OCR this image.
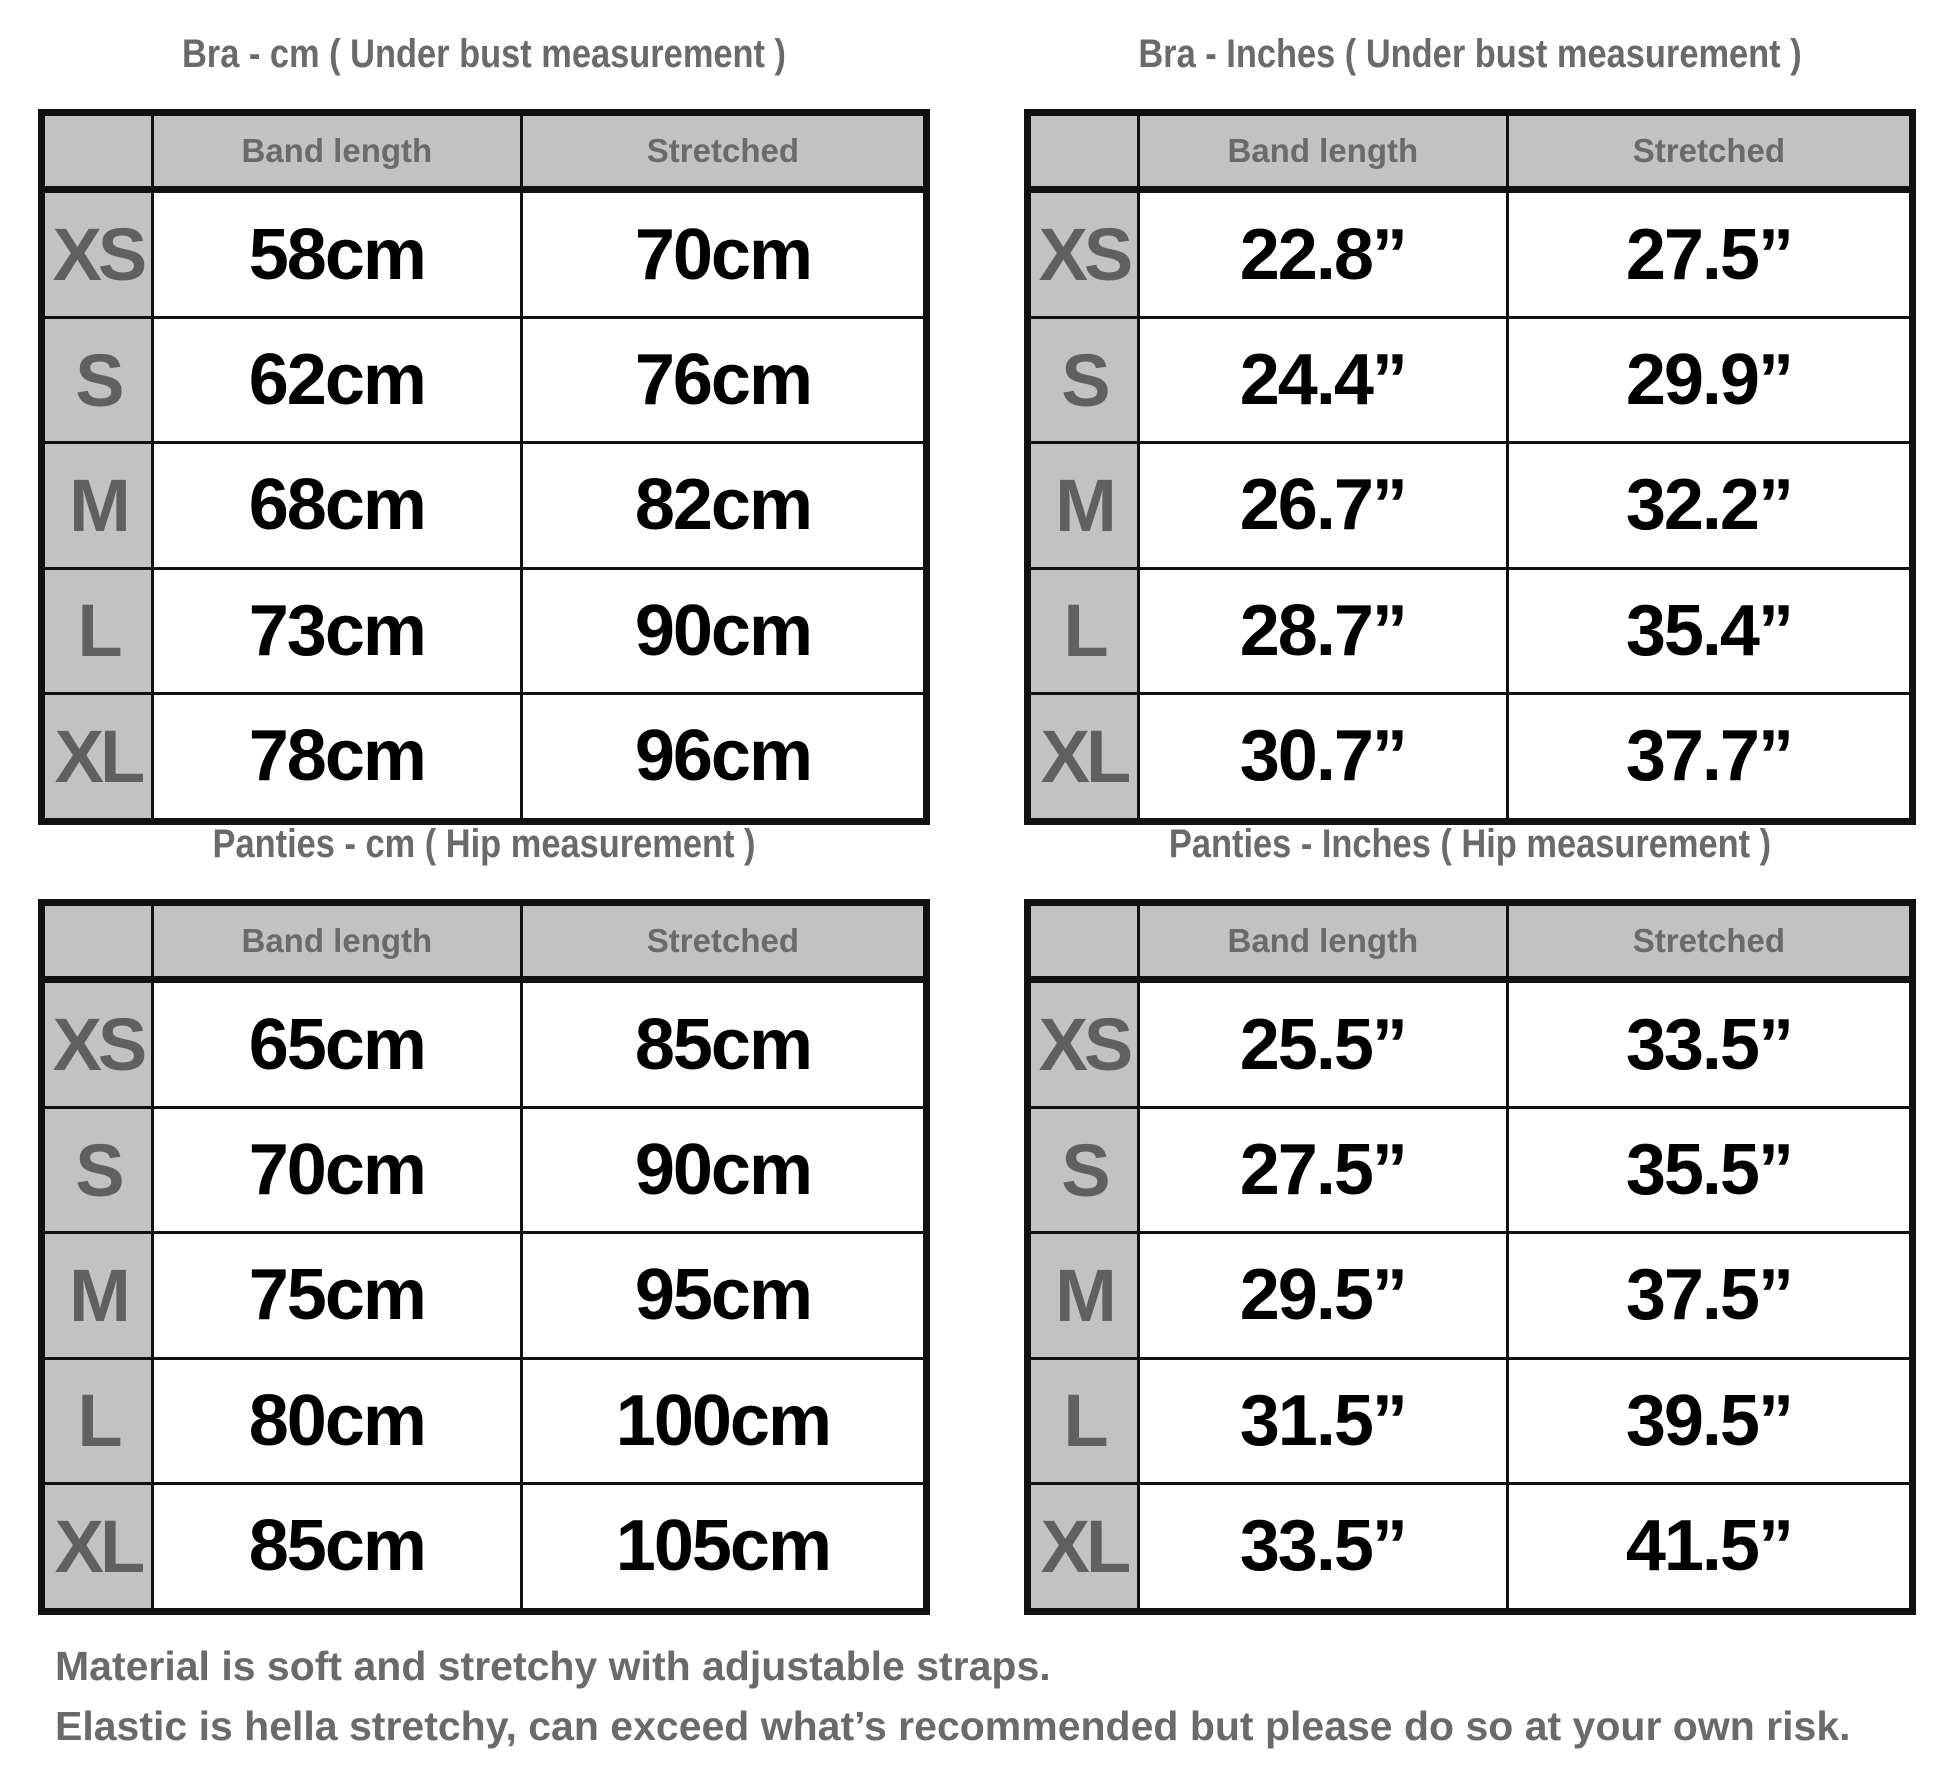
Bra - cm ( Under bust measurement )
	Band length	Stretched
XS	58cm	70cm
S	62cm	76cm
M	68cm	82cm
L	73cm	90cm
XL	78cm	96cm
Bra - Inches ( Under bust measurement )
	Band length	Stretched
XS	22.8”	27.5”
S	24.4”	29.9”
M	26.7”	32.2”
L	28.7”	35.4”
XL	30.7”	37.7”
Panties - cm ( Hip measurement )
	Band length	Stretched
XS	65cm	85cm
S	70cm	90cm
M	75cm	95cm
L	80cm	100cm
XL	85cm	105cm
Panties - Inches ( Hip measurement )
	Band length	Stretched
XS	25.5”	33.5”
S	27.5”	35.5”
M	29.5”	37.5”
L	31.5”	39.5”
XL	33.5”	41.5”
Material is soft and stretchy with adjustable straps.
Elastic is hella stretchy, can exceed what’s recommended but please do so at your own risk.
